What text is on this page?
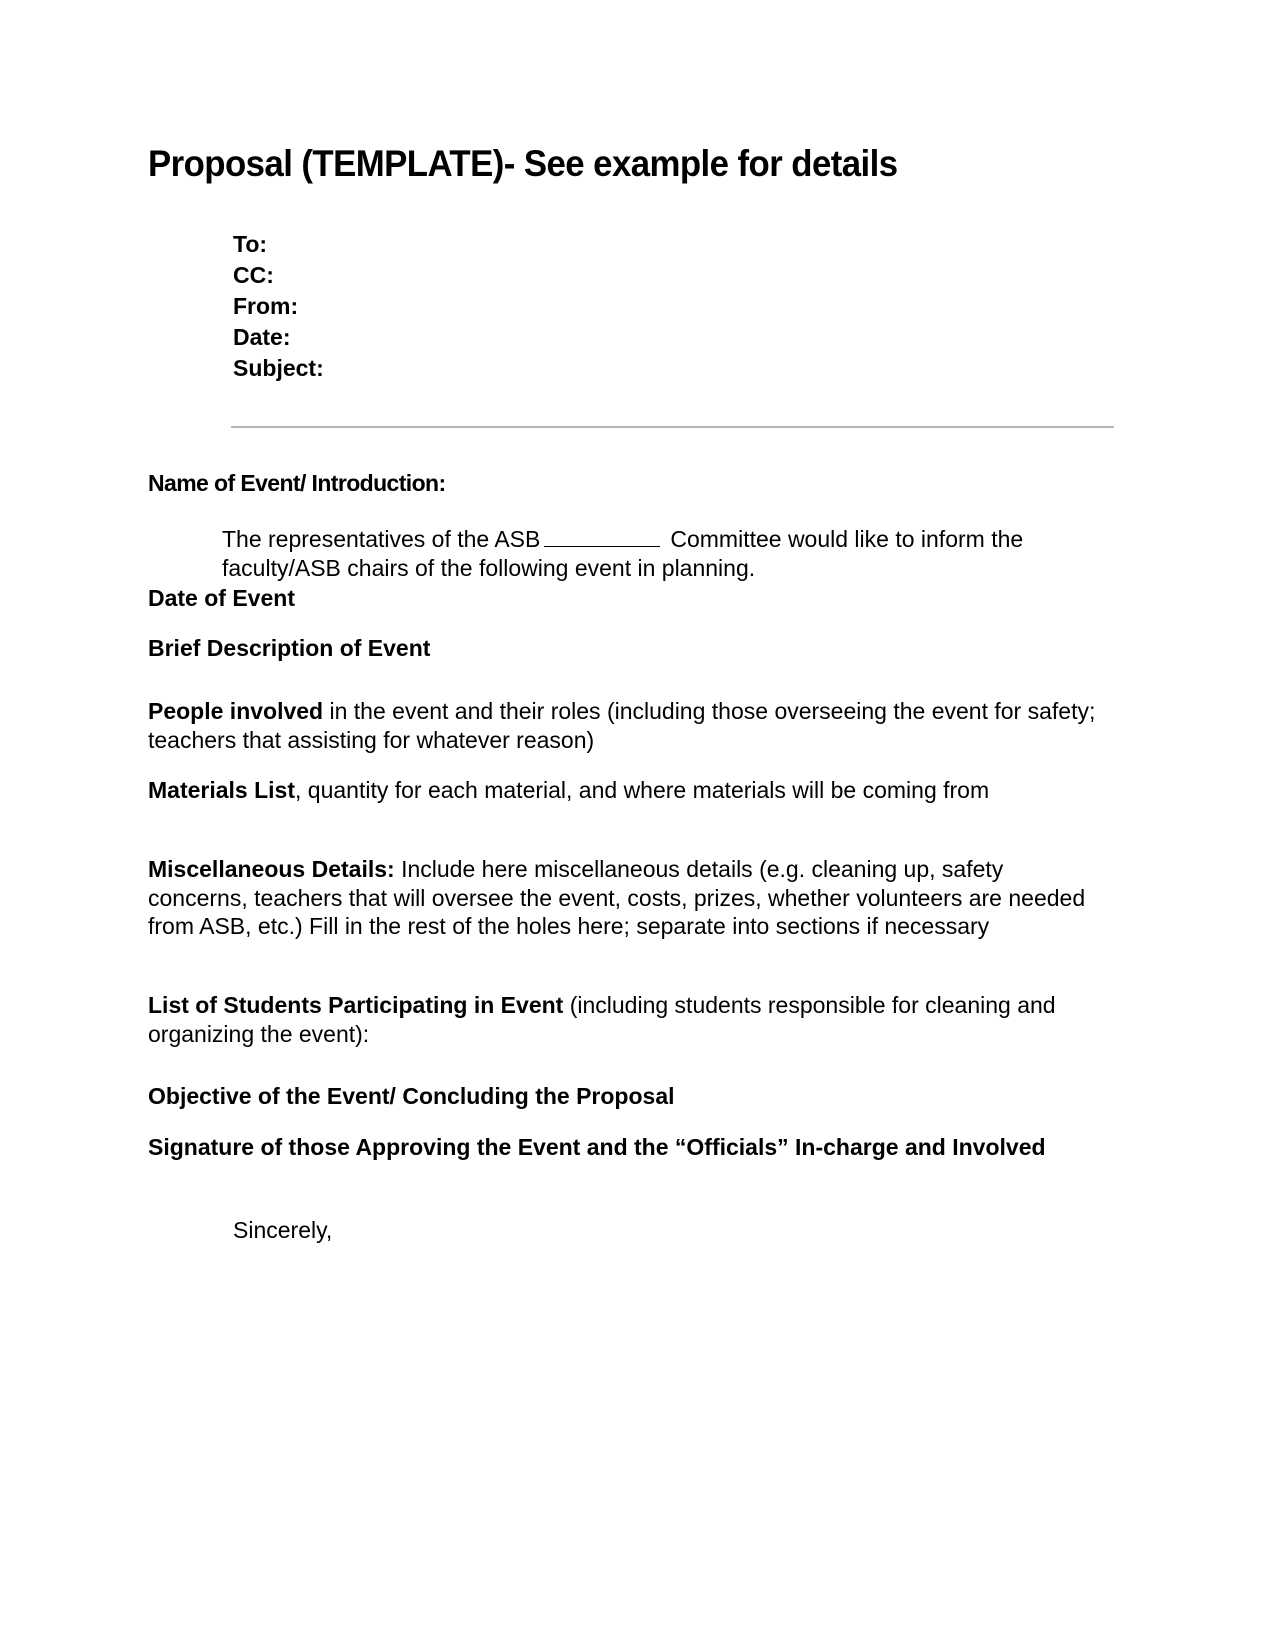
Proposal (TEMPLATE)- See example for details
To:
CC:
From:
Date:
Subject:

Name of Event/ Introduction:

The representatives of the ASB	Committee would like to inform the faculty/ASB chairs of the following event in planning.

Date of Event

Brief Description of Event

People involved in the event and their roles (including those overseeing the event for safety; teachers that assisting for whatever reason)

Materials List, quantity for each material, and where materials will be coming from

Miscellaneous Details: Include here miscellaneous details (e.g. cleaning up, safety concerns, teachers that will oversee the event, costs, prizes, whether volunteers are needed from ASB, etc.) Fill in the rest of the holes here; separate into sections if necessary

List of Students Participating in Event (including students responsible for cleaning and organizing the event):

Objective of the Event/ Concluding the Proposal

Signature of those Approving the Event and the “Officials” In-charge and Involved

Sincerely,
